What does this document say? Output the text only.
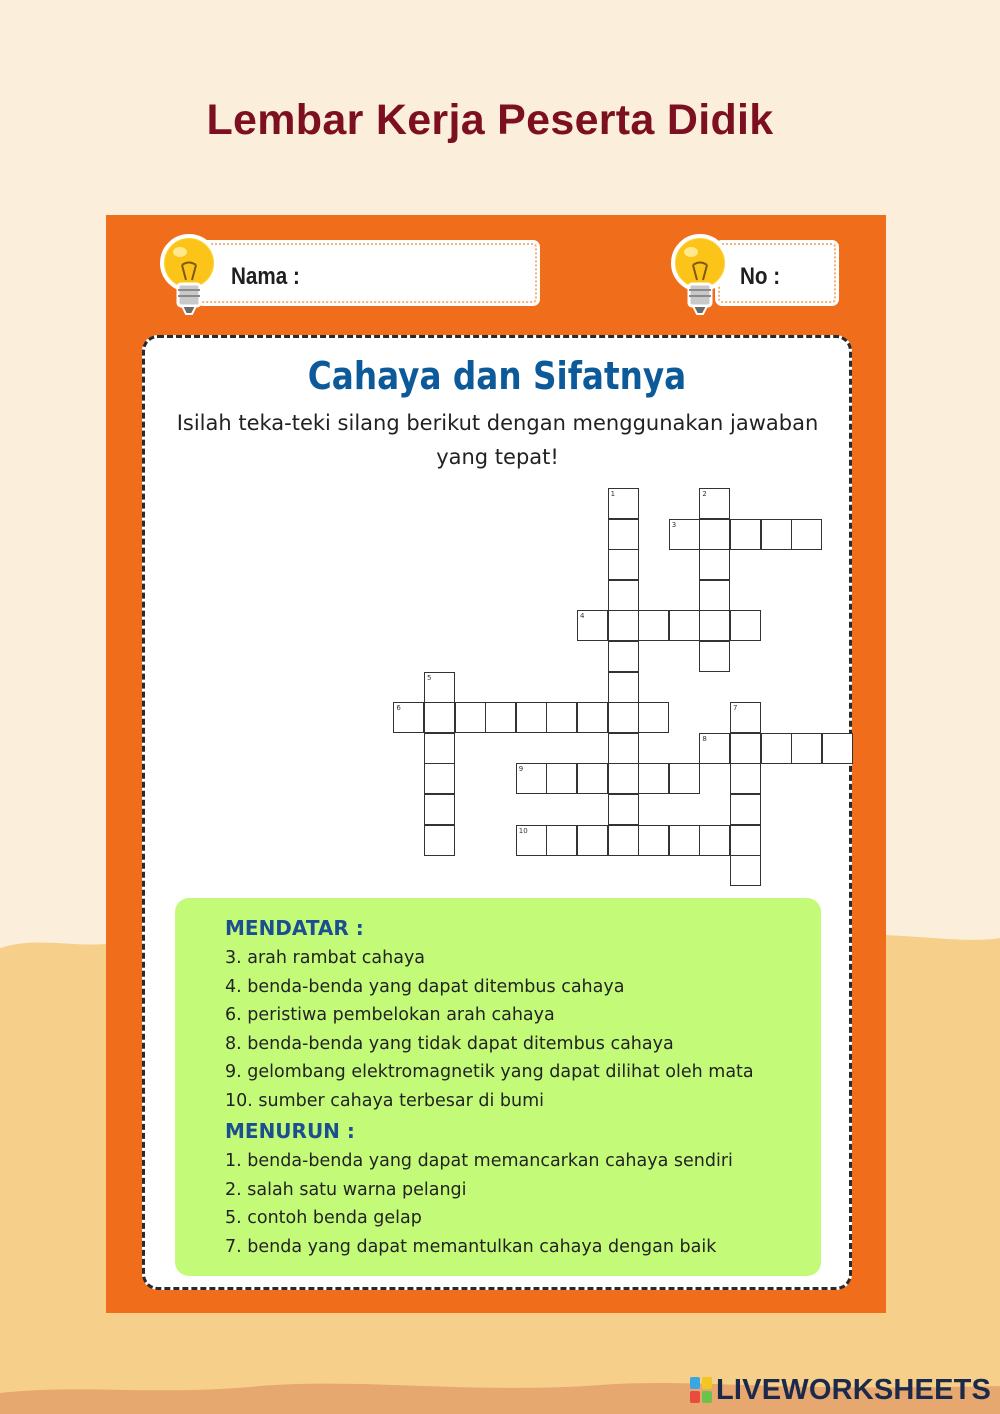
Lembar Kerja Peserta Didik
Nama :	No :
Cahaya dan Sifatnya
Isilah teka-teki silang berikut dengan menggunakan jawaban yang tepat!
1	2
3
4
5
6	7
8
9
10
MENDATAR :
3. arah rambat cahaya
4. benda-benda yang dapat ditembus cahaya
6. peristiwa pembelokan arah cahaya
8. benda-benda yang tidak dapat ditembus cahaya
9. gelombang elektromagnetik yang dapat dilihat oleh mata
10. sumber cahaya terbesar di bumi
MENURUN :
1. benda-benda yang dapat memancarkan cahaya sendiri
2. salah satu warna pelangi
5. contoh benda gelap
7. benda yang dapat memantulkan cahaya dengan baik
LIVEWORKSHEETS
